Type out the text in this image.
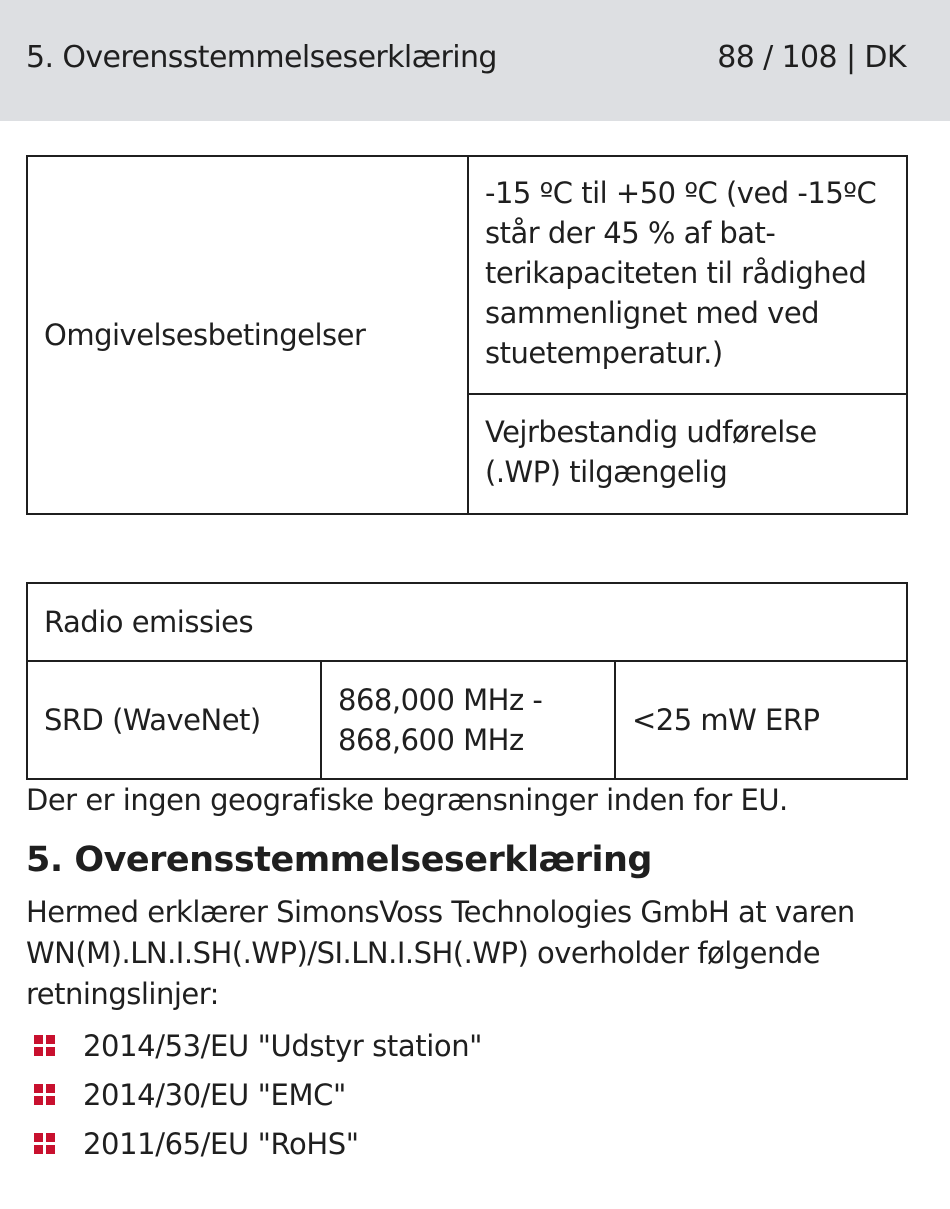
5. Overensstemmelseserklæring	88 / 108 | DK
Omgivelsesbetingelser	-15 ºC til +50 ºC (ved -15ºC står der 45 % af bat-terikapaciteten til rådighed sammenlignet med ved stuetemperatur.)
Vejrbestandig udførelse (.WP) tilgængelig
Radio emissies
SRD (WaveNet)	868,000 MHz - 868,600 MHz	<25 mW ERP
Der er ingen geografiske begrænsninger inden for EU.
5. Overensstemmelseserklæring
Hermed erklærer SimonsVoss Technologies GmbH at varen WN(M).LN.I.SH(.WP)/SI.LN.I.SH(.WP) overholder følgende retningslinjer:
2014/53/EU "Udstyr station"
2014/30/EU "EMC"
2011/65/EU "RoHS"
